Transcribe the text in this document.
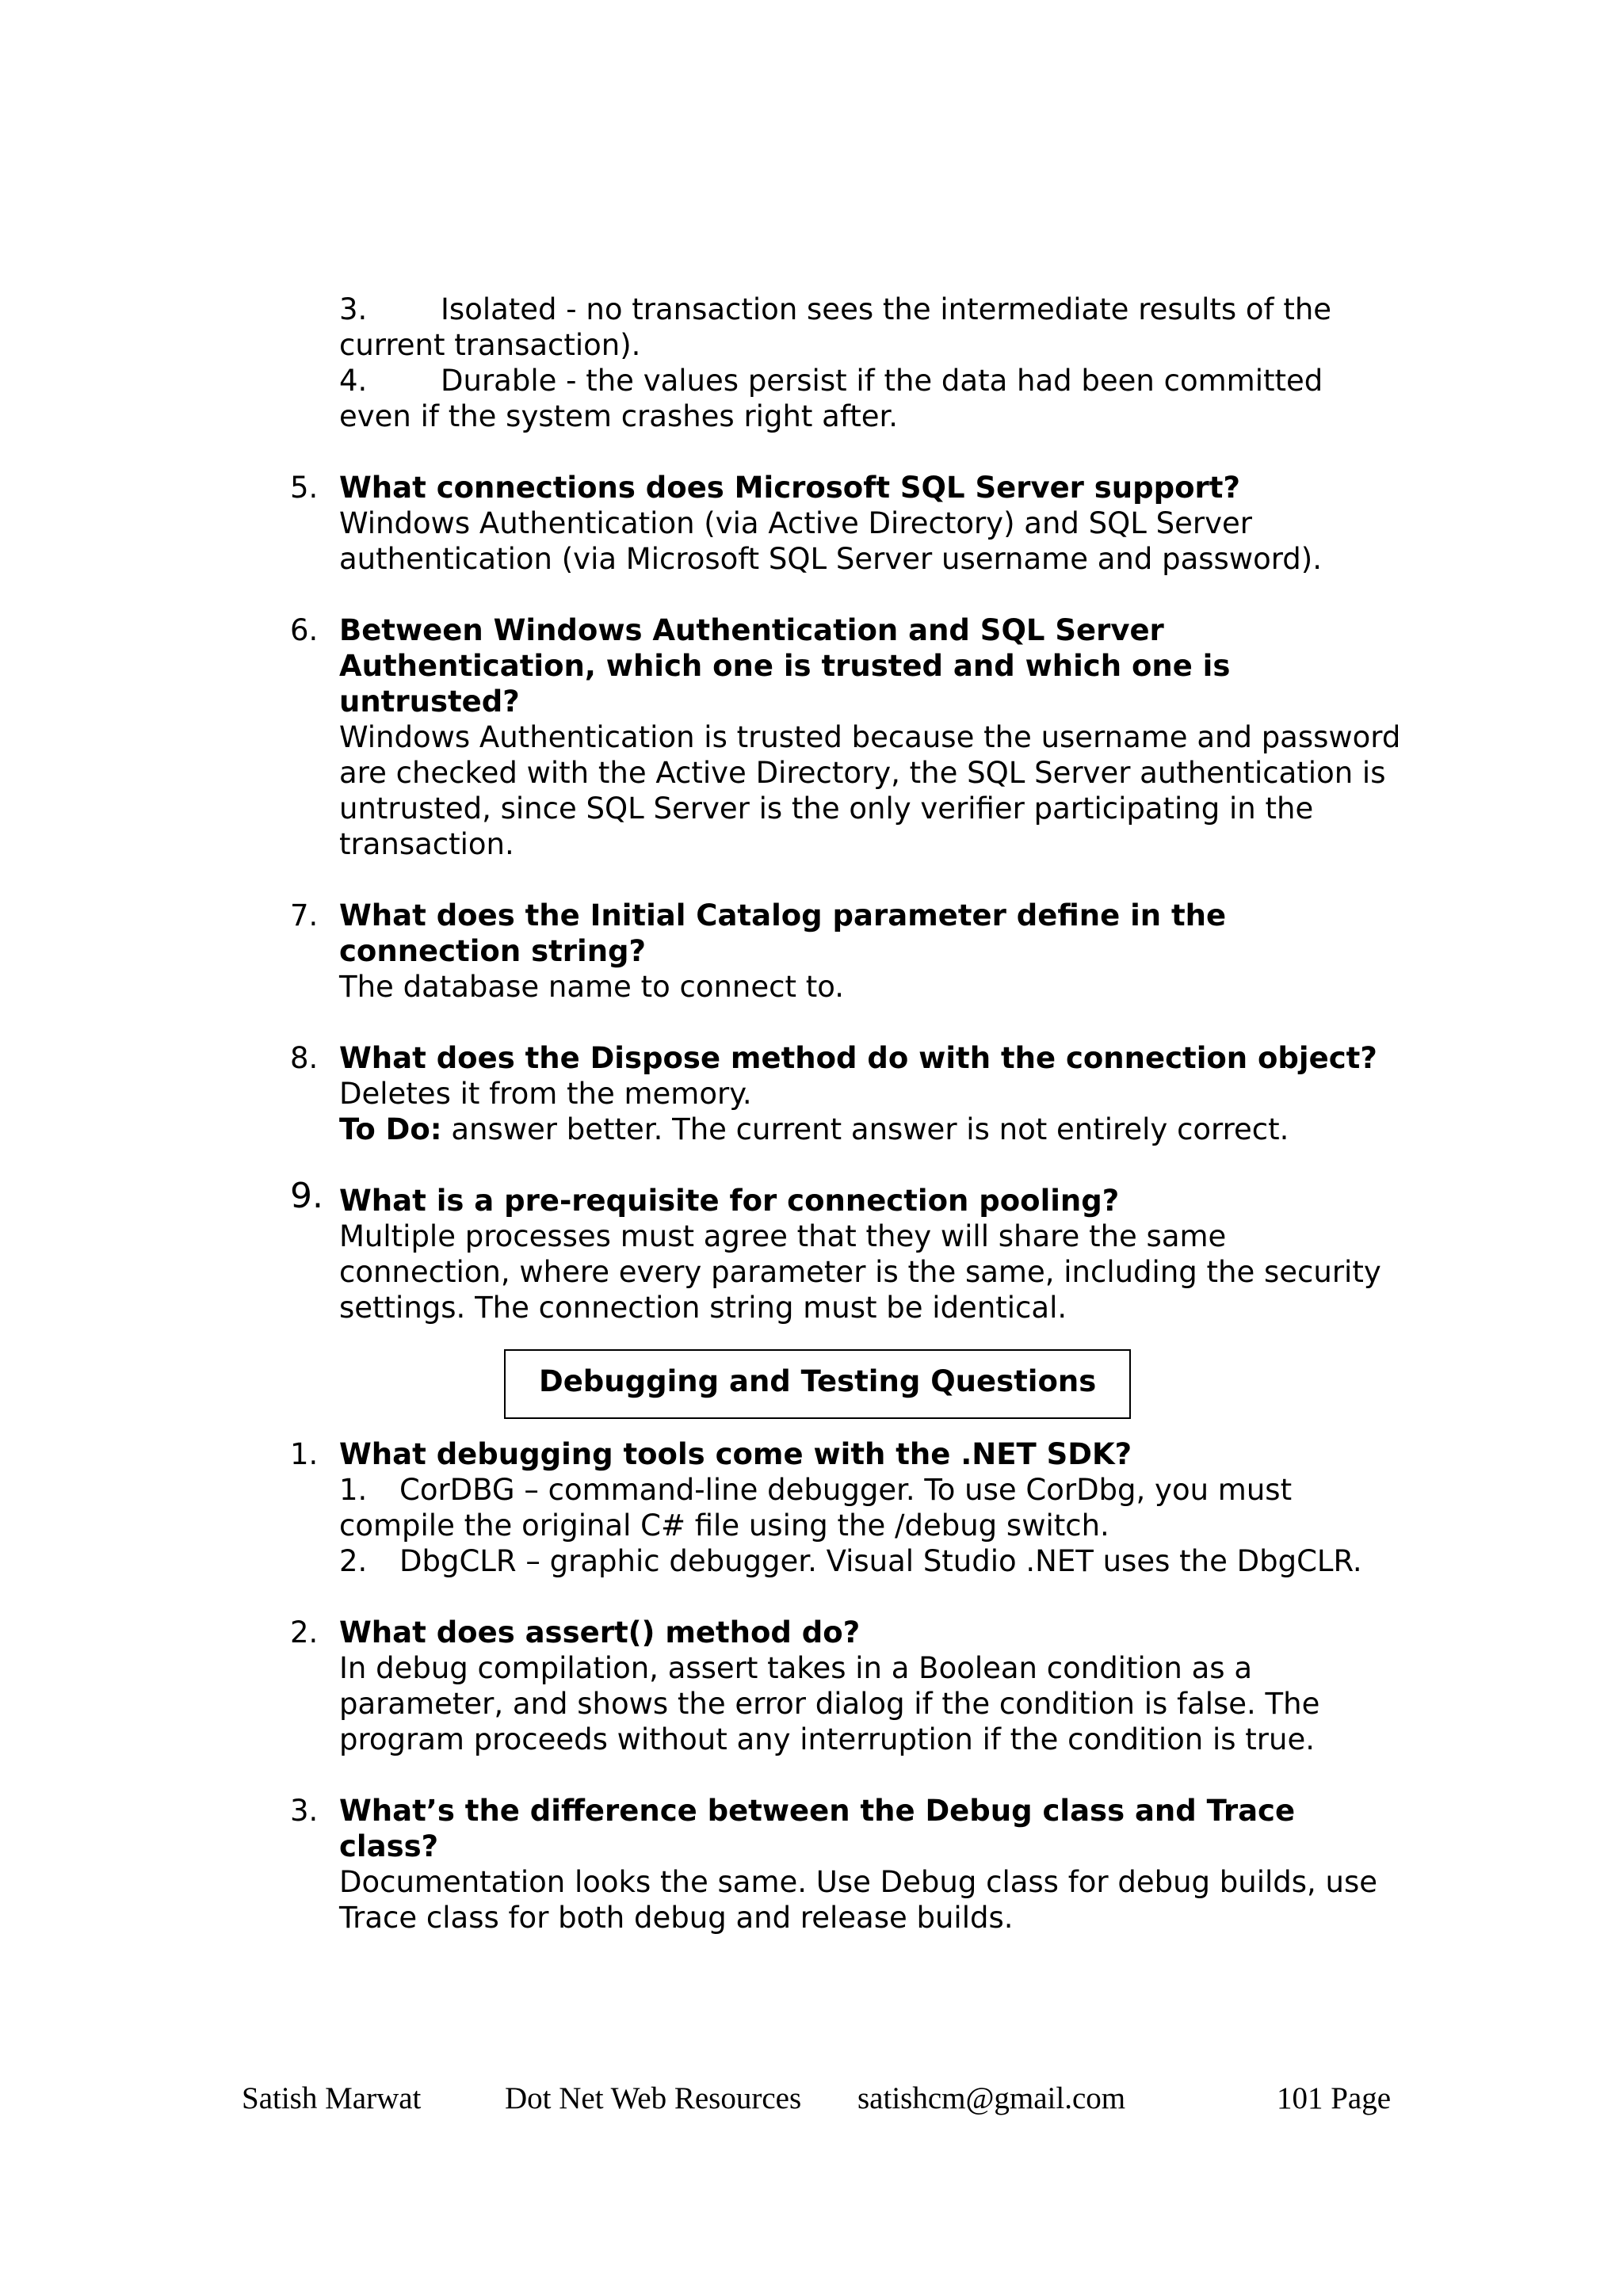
3.	Isolated - no transaction sees the intermediate results of the
current transaction).

4.	Durable - the values persist if the data had been committed
even if the system crashes right after.

5. What connections does Microsoft SQL Server support?
Windows Authentication (via Active Directory) and SQL Server authentication (via Microsoft SQL Server username and password).
6. Between Windows Authentication and SQL Server Authentication, which one is trusted and which one is untrusted?
Windows Authentication is trusted because the username and password are checked with the Active Directory, the SQL Server authentication is untrusted, since SQL Server is the only verifier participating in the transaction.
7. What does the Initial Catalog parameter define in the connection string?
The database name to connect to.
8. What does the Dispose method do with the connection object?
Deletes it from the memory.
To Do: answer better. The current answer is not entirely correct.
9. What is a pre-requisite for connection pooling?
Multiple processes must agree that they will share the same connection, where every parameter is the same, including the security settings. The connection string must be identical.
Debugging and Testing Questions
1. What debugging tools come with the .NET SDK?
1. CorDBG – command-line debugger. To use CorDbg, you must compile the original C# file using the /debug switch.
2. DbgCLR – graphic debugger. Visual Studio .NET uses the DbgCLR.
2. What does assert() method do?
In debug compilation, assert takes in a Boolean condition as a parameter, and shows the error dialog if the condition is false. The program proceeds without any interruption if the condition is true.
3. What’s the difference between the Debug class and Trace class?
Documentation looks the same. Use Debug class for debug builds, use Trace class for both debug and release builds.
Satish Marwat	Dot Net Web Resources satishcm@gmail.com	101 Page
